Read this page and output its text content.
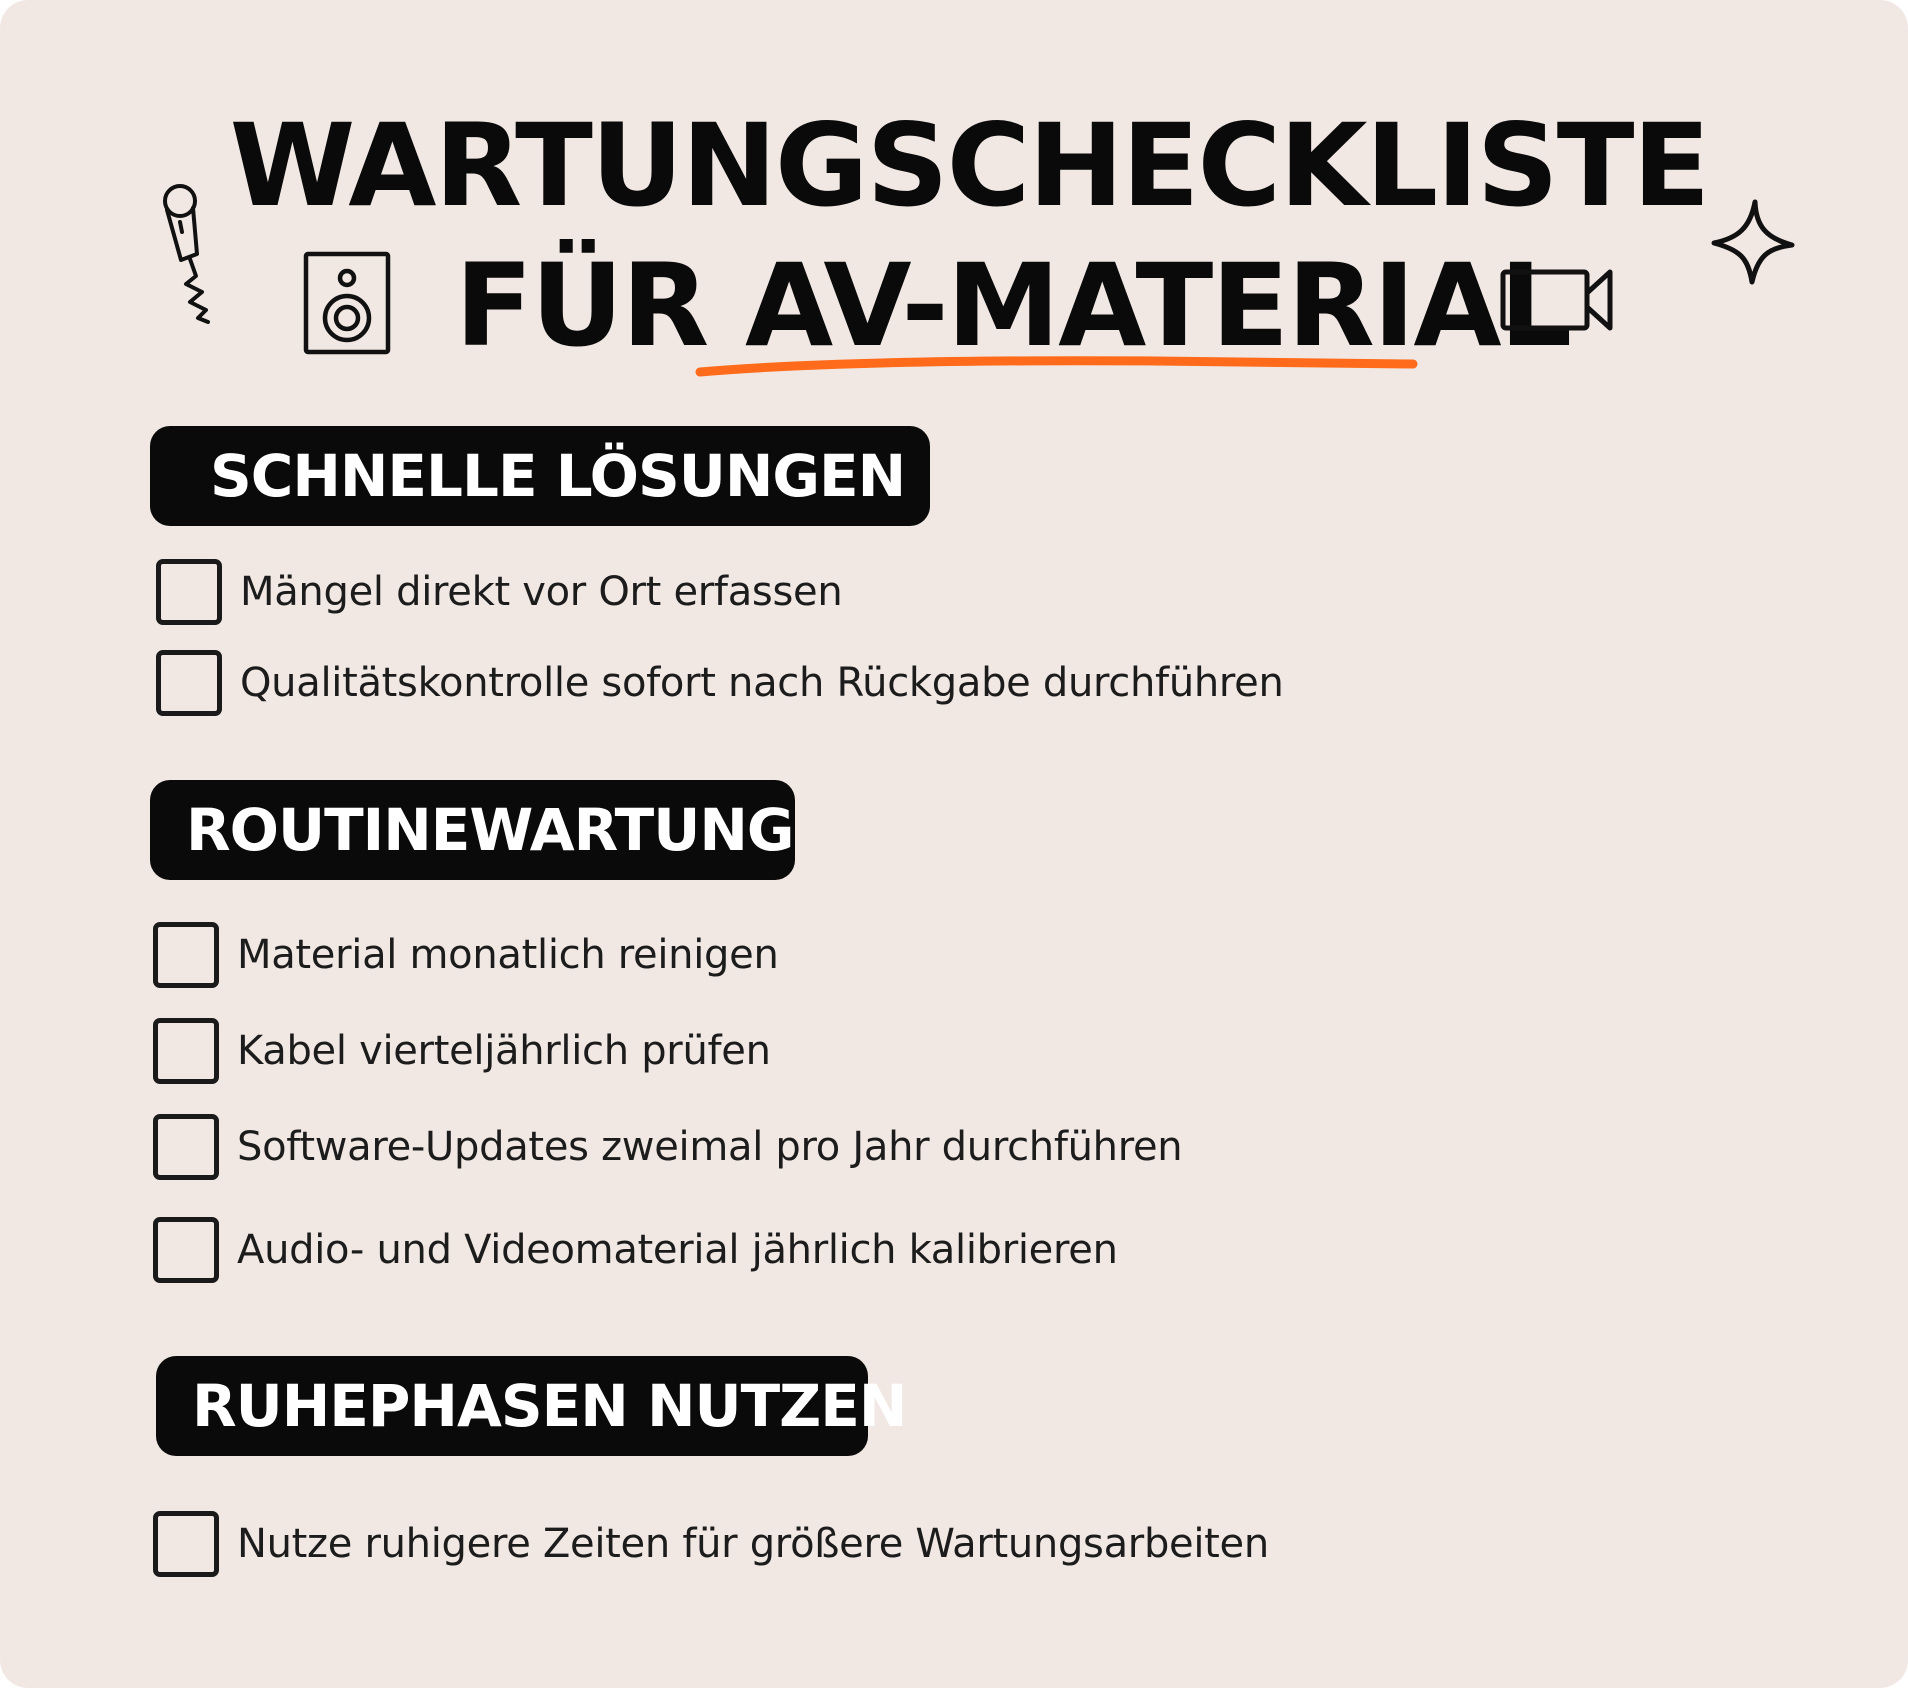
WARTUNGSCHECKLISTE
FÜR AV-MATERIAL
SCHNELLE LÖSUNGEN
Mängel direkt vor Ort erfassen
Qualitätskontrolle sofort nach Rückgabe durchführen
ROUTINEWARTUNG
Material monatlich reinigen
Kabel vierteljährlich prüfen
Software-Updates zweimal pro Jahr durchführen
Audio- und Videomaterial jährlich kalibrieren
RUHEPHASEN NUTZEN
Nutze ruhigere Zeiten für größere Wartungsarbeiten
